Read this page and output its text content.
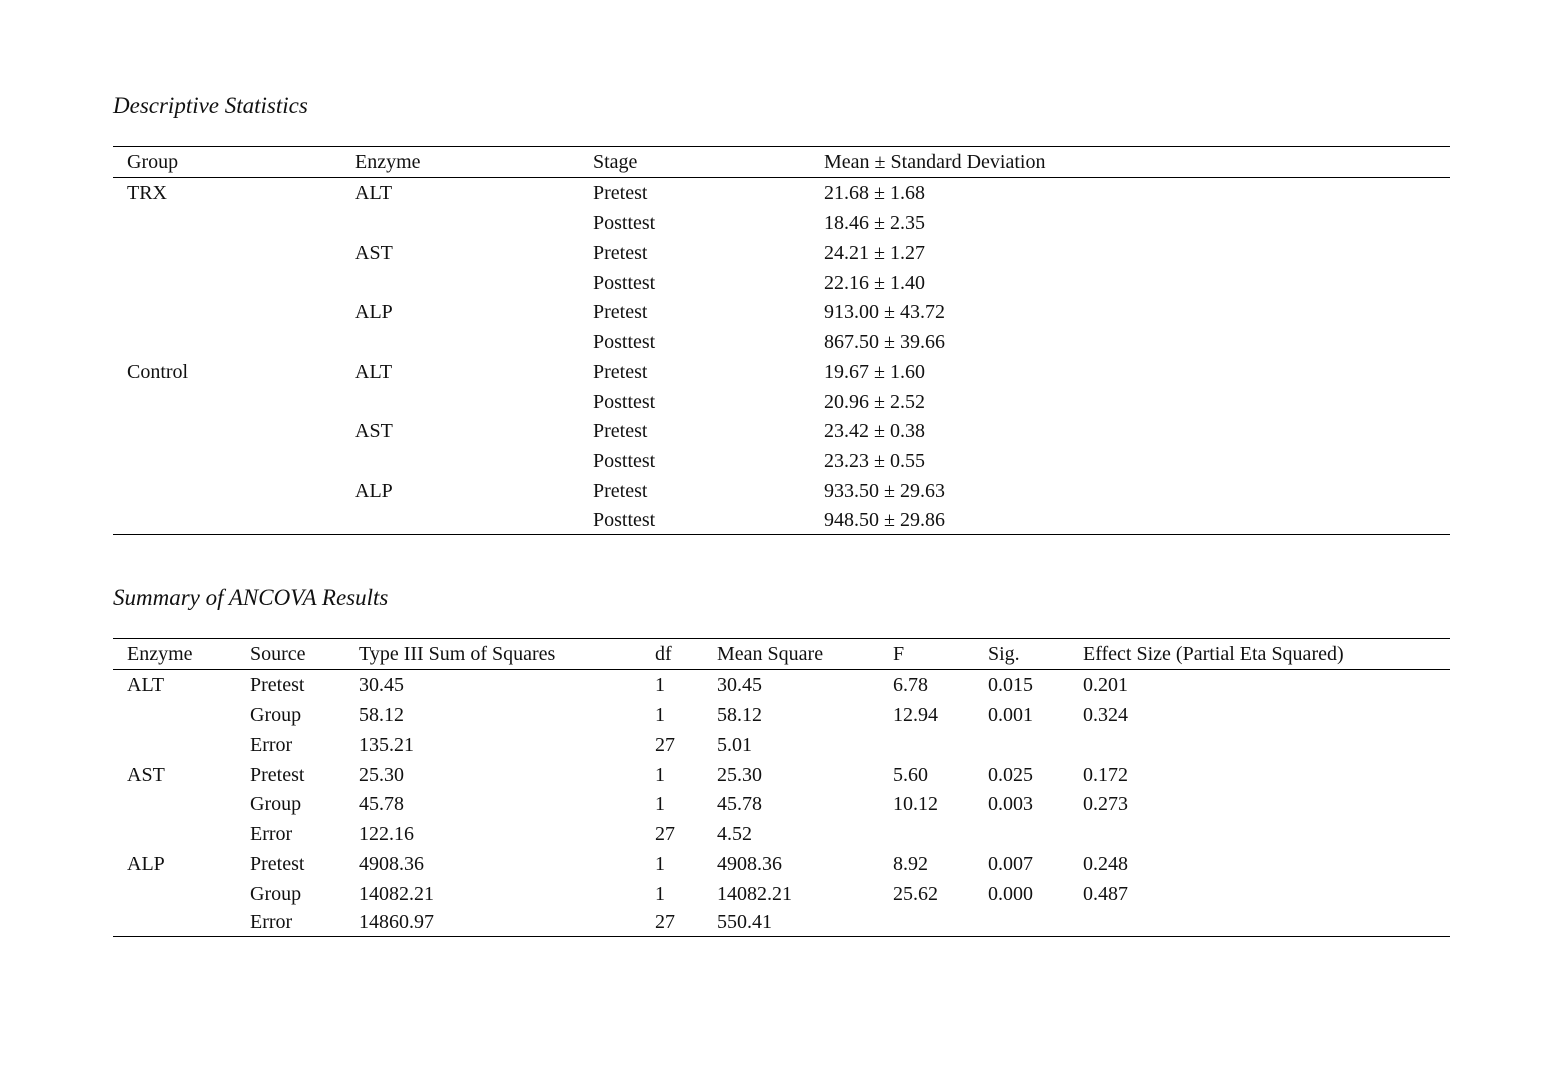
Descriptive Statistics

Group	Enzyme	Stage	Mean ± Standard Deviation
TRX	ALT	Pretest	21.68 ± 1.68
		Posttest	18.46 ± 2.35
	AST	Pretest	24.21 ± 1.27
		Posttest	22.16 ± 1.40
	ALP	Pretest	913.00 ± 43.72
		Posttest	867.50 ± 39.66
Control	ALT	Pretest	19.67 ± 1.60
		Posttest	20.96 ± 2.52
	AST	Pretest	23.42 ± 0.38
		Posttest	23.23 ± 0.55
	ALP	Pretest	933.50 ± 29.63
		Posttest	948.50 ± 29.86

Summary of ANCOVA Results

Enzyme	Source	Type III Sum of Squares	df	Mean Square	F	Sig.	Effect Size (Partial Eta Squared)
ALT	Pretest	30.45	1	30.45	6.78	0.015	0.201
	Group	58.12	1	58.12	12.94	0.001	0.324
	Error	135.21	27	5.01			
AST	Pretest	25.30	1	25.30	5.60	0.025	0.172
	Group	45.78	1	45.78	10.12	0.003	0.273
	Error	122.16	27	4.52			
ALP	Pretest	4908.36	1	4908.36	8.92	0.007	0.248
	Group	14082.21	1	14082.21	25.62	0.000	0.487
	Error	14860.97	27	550.41			
